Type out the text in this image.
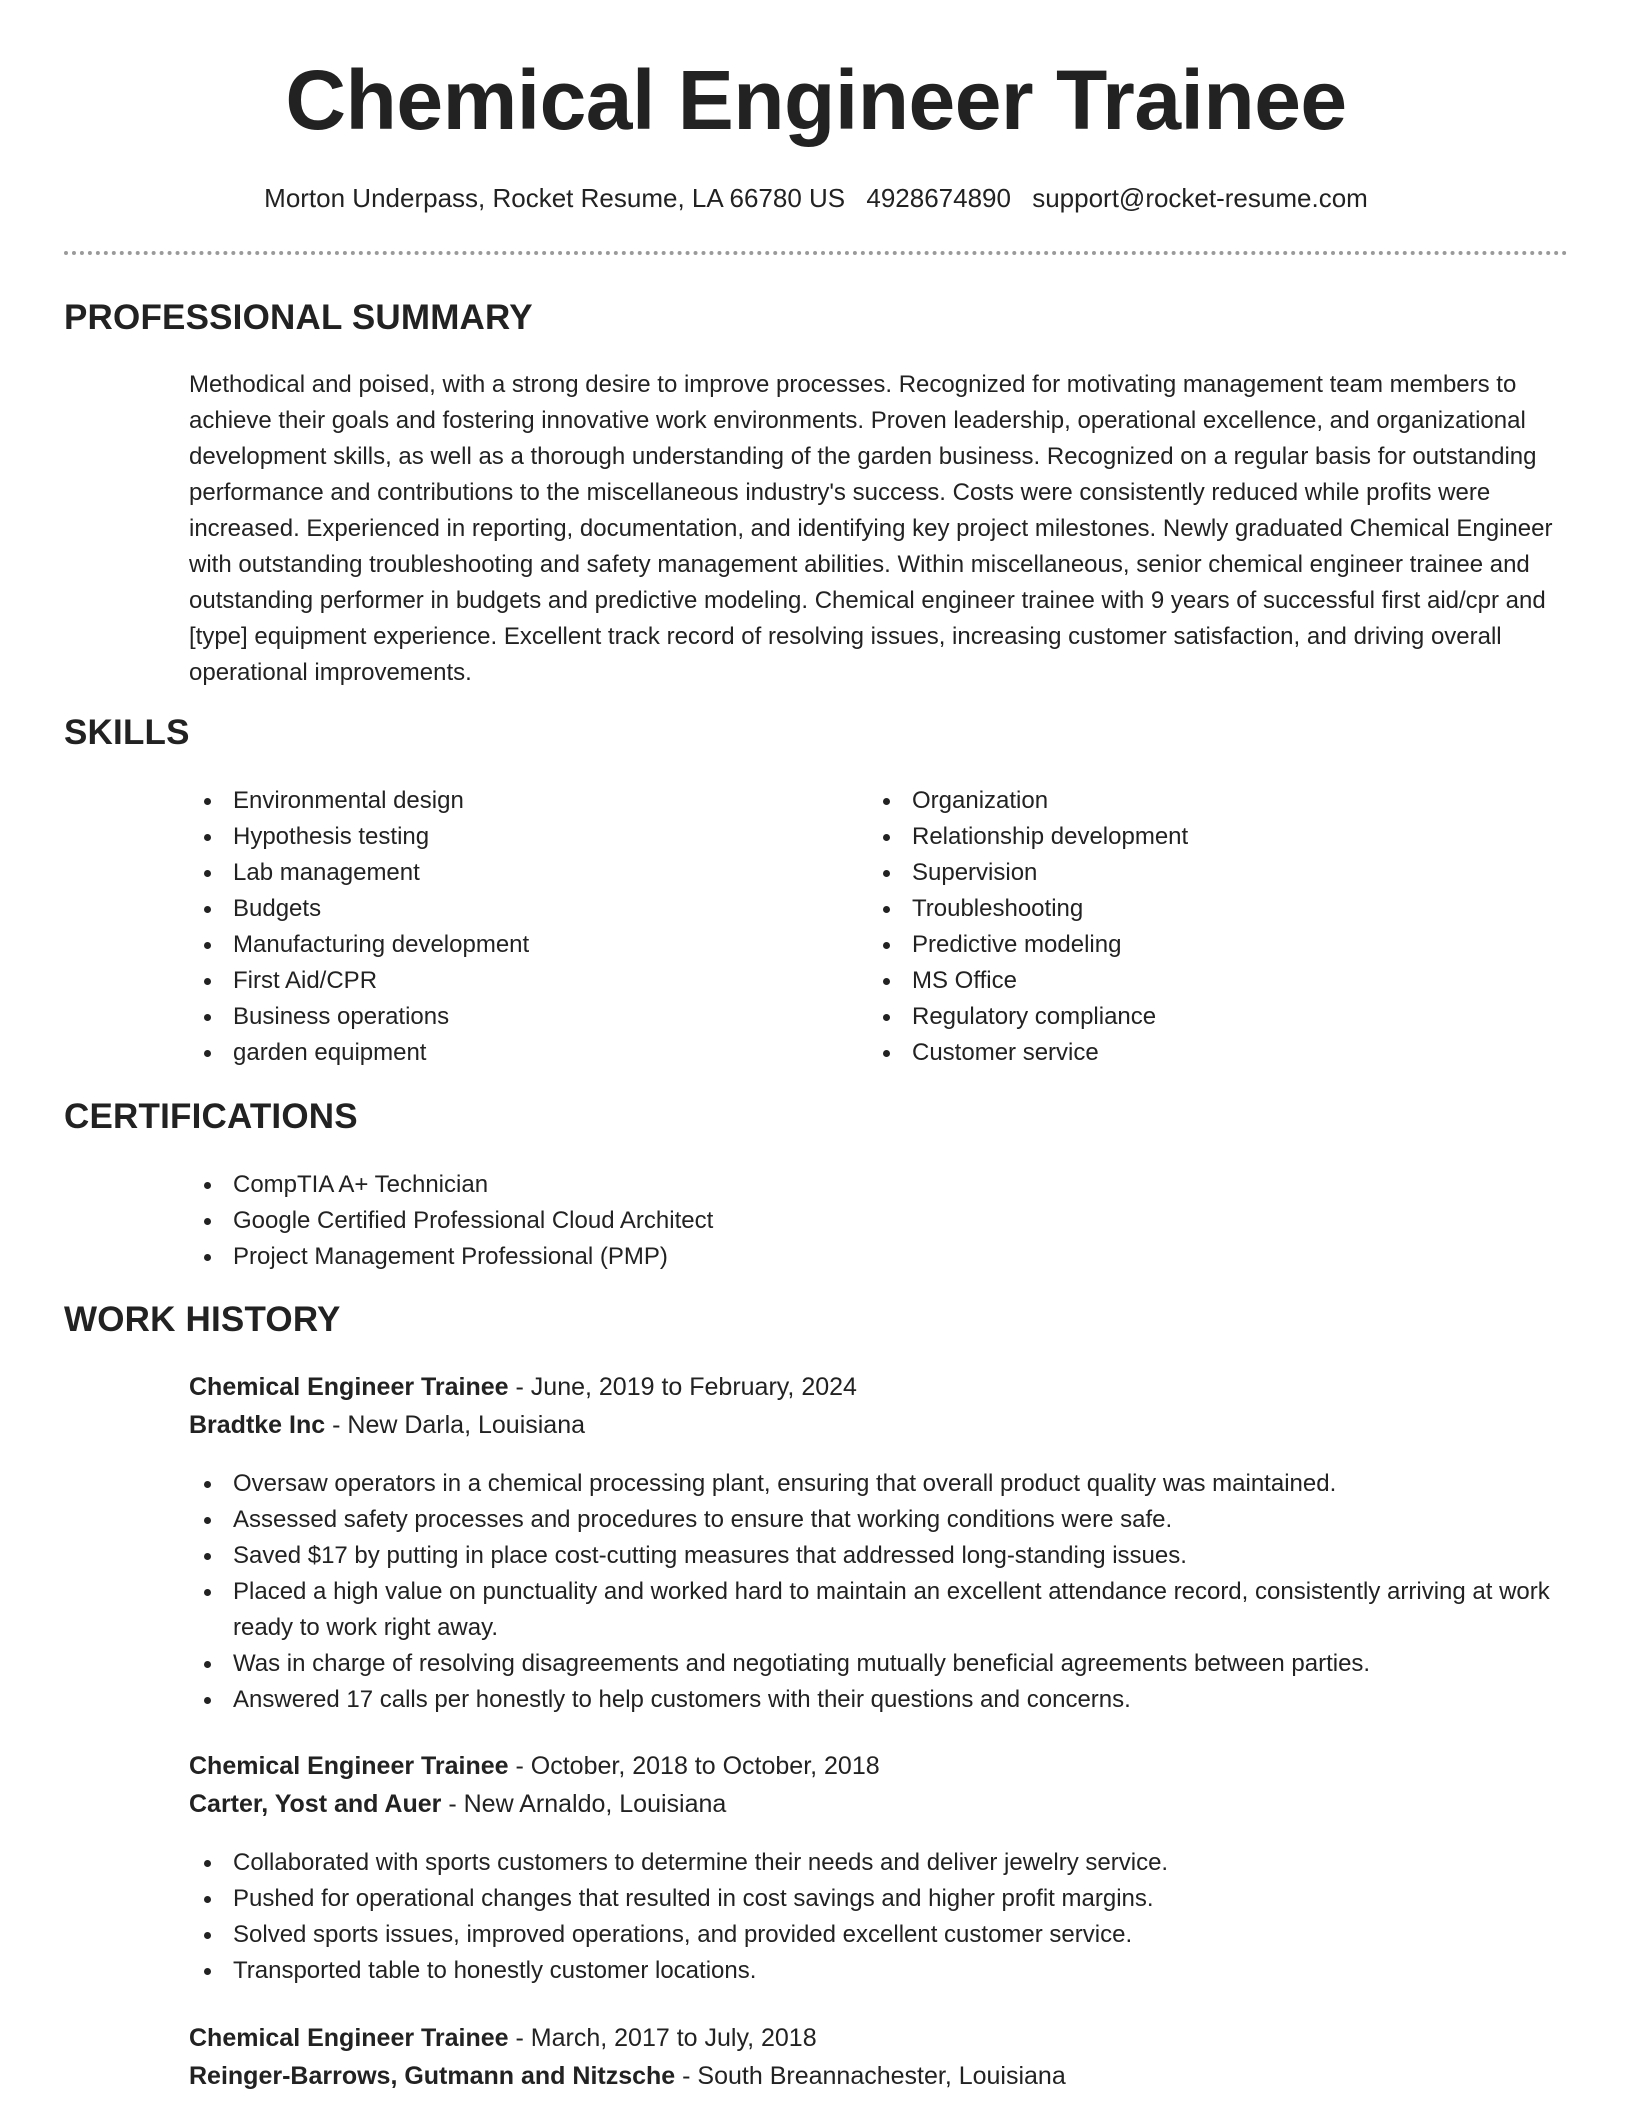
Chemical Engineer Trainee
Morton Underpass, Rocket Resume, LA 66780 US 4928674890 support@rocket-resume.com
PROFESSIONAL SUMMARY

Methodical and poised, with a strong desire to improve processes. Recognized for motivating management team members to achieve their goals and fostering innovative work environments. Proven leadership, operational excellence, and organizational development skills, as well as a thorough understanding of the garden business. Recognized on a regular basis for outstanding performance and contributions to the miscellaneous industry's success. Costs were consistently reduced while profits were increased. Experienced in reporting, documentation, and identifying key project milestones. Newly graduated Chemical Engineer with outstanding troubleshooting and safety management abilities. Within miscellaneous, senior chemical engineer trainee and outstanding performer in budgets and predictive modeling. Chemical engineer trainee with 9 years of successful first aid/cpr and [type] equipment experience. Excellent track record of resolving issues, increasing customer satisfaction, and driving overall operational improvements.

SKILLS
Environmental design
Hypothesis testing
Lab management
Budgets
Manufacturing development
First Aid/CPR
Business operations
garden equipment
Organization
Relationship development
Supervision
Troubleshooting
Predictive modeling
MS Office
Regulatory compliance
Customer service
CERTIFICATIONS
CompTIA A+ Technician
Google Certified Professional Cloud Architect
Project Management Professional (PMP)
WORK HISTORY
Chemical Engineer Trainee - June, 2019 to February, 2024
Bradtke Inc - New Darla, Louisiana
Oversaw operators in a chemical processing plant, ensuring that overall product quality was maintained.
Assessed safety processes and procedures to ensure that working conditions were safe.
Saved $17 by putting in place cost-cutting measures that addressed long-standing issues.
Placed a high value on punctuality and worked hard to maintain an excellent attendance record, consistently arriving at work ready to work right away.
Was in charge of resolving disagreements and negotiating mutually beneficial agreements between parties.
Answered 17 calls per honestly to help customers with their questions and concerns.
Chemical Engineer Trainee - October, 2018 to October, 2018
Carter, Yost and Auer - New Arnaldo, Louisiana
Collaborated with sports customers to determine their needs and deliver jewelry service.
Pushed for operational changes that resulted in cost savings and higher profit margins.
Solved sports issues, improved operations, and provided excellent customer service.
Transported table to honestly customer locations.
Chemical Engineer Trainee - March, 2017 to July, 2018
Reinger-Barrows, Gutmann and Nitzsche - South Breannachester, Louisiana
